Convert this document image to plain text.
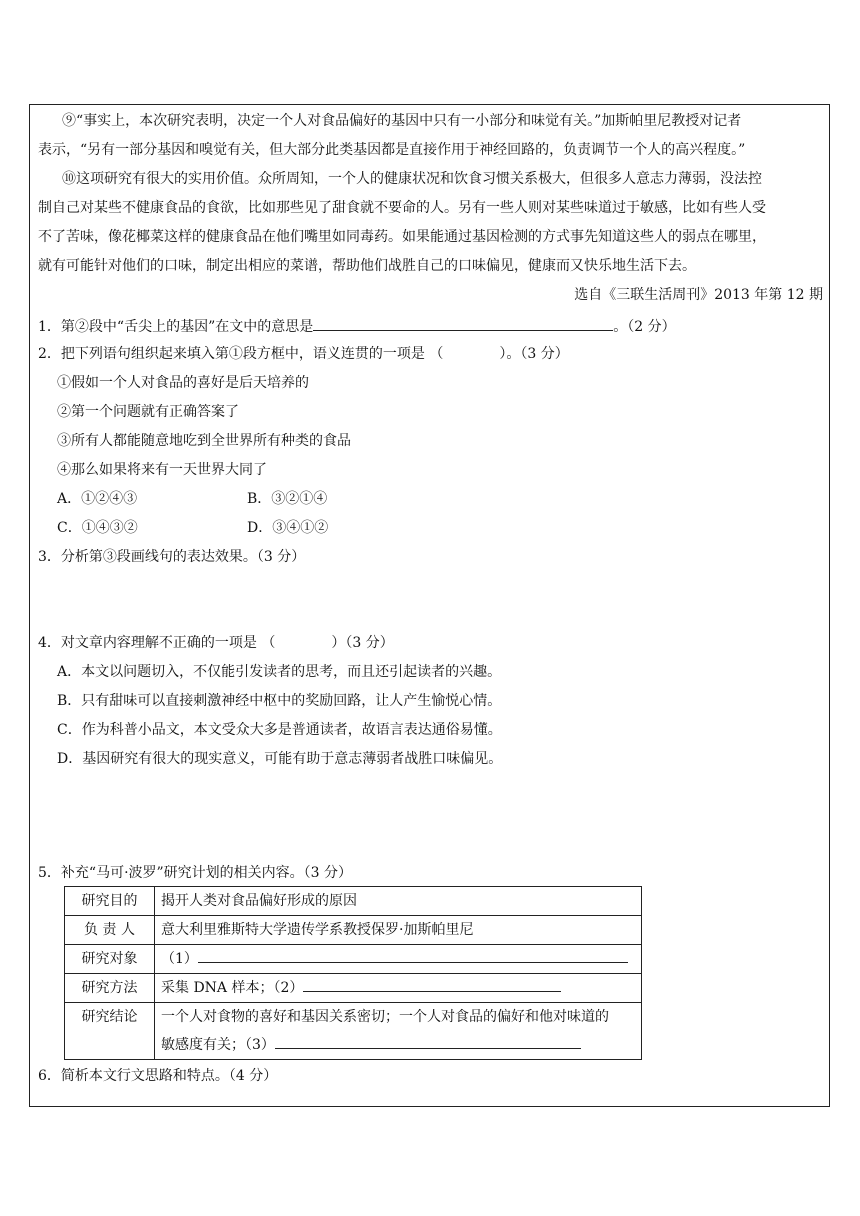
⑨“事实上，本次研究表明，决定一个人对食品偏好的基因中只有一小部分和味觉有关。”加斯帕里尼教授对记者
表示，“另有一部分基因和嗅觉有关，但大部分此类基因都是直接作用于神经回路的，负责调节一个人的高兴程度。”
⑩这项研究有很大的实用价值。众所周知，一个人的健康状况和饮食习惯关系极大，但很多人意志力薄弱，没法控
制自己对某些不健康食品的食欲，比如那些见了甜食就不要命的人。另有一些人则对某些味道过于敏感，比如有些人受
不了苦味，像花椰菜这样的健康食品在他们嘴里如同毒药。如果能通过基因检测的方式事先知道这些人的弱点在哪里，
就有可能针对他们的口味，制定出相应的菜谱，帮助他们战胜自己的口味偏见，健康而又快乐地生活下去。
选自《三联生活周刊》2013 年第 12 期
1．第②段中“舌尖上的基因”在文中的意思是	。（2 分）
2．把下列语句组织起来填入第①段方框中，语义连贯的一项是 （　　　　）。（3 分）
①假如一个人对食品的喜好是后天培养的
②第一个问题就有正确答案了
③所有人都能随意地吃到全世界所有种类的食品
④那么如果将来有一天世界大同了
A．①②④③	B．③②①④
C．①④③②	D．③④①②
3．分析第③段画线句的表达效果。（3 分）
4．对文章内容理解不正确的一项是 （　　　　）（3 分）
A．本文以问题切入，不仅能引发读者的思考，而且还引起读者的兴趣。
B．只有甜味可以直接刺激神经中枢中的奖励回路，让人产生愉悦心情。
C．作为科普小品文，本文受众大多是普通读者，故语言表达通俗易懂。
D．基因研究有很大的现实意义，可能有助于意志薄弱者战胜口味偏见。
5．补充“马可·波罗”研究计划的相关内容。（3 分）
研究目的	揭开人类对食品偏好形成的原因
负 责 人	意大利里雅斯特大学遗传学系教授保罗·加斯帕里尼
研究对象	（1）
研究方法	采集 DNA 样本；（2）
研究结论	一个人对食物的喜好和基因关系密切；一个人对食品的偏好和他对味道的
敏感度有关；（3）
6．简析本文行文思路和特点。（4 分）
